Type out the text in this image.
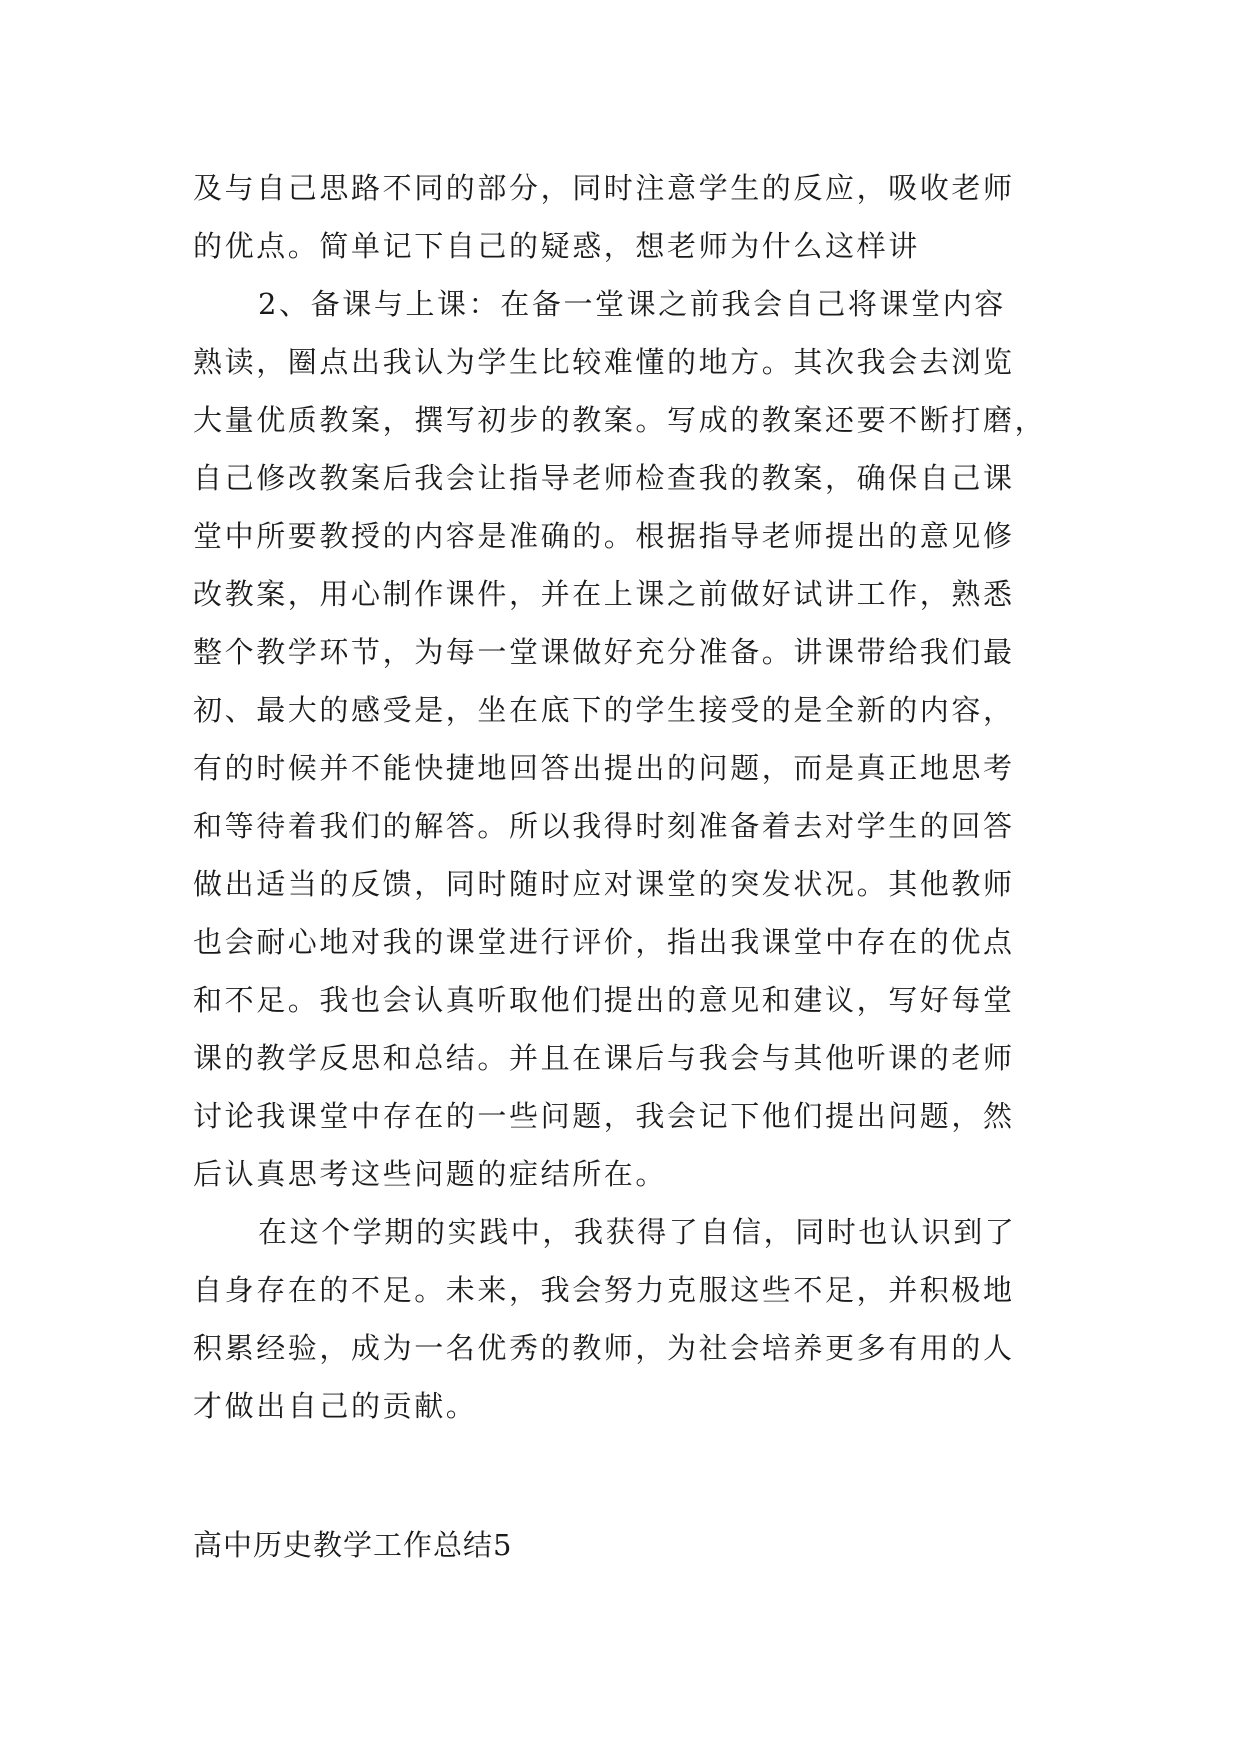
及与自己思路不同的部分，同时注意学生的反应，吸收老师
的优点。简单记下自己的疑惑，想老师为什么这样讲
2、备课与上课：在备一堂课之前我会自己将课堂内容
熟读，圈点出我认为学生比较难懂的地方。其次我会去浏览
大量优质教案，撰写初步的教案。写成的教案还要不断打磨，
自己修改教案后我会让指导老师检查我的教案，确保自己课
堂中所要教授的内容是准确的。根据指导老师提出的意见修
改教案，用心制作课件，并在上课之前做好试讲工作，熟悉
整个教学环节，为每一堂课做好充分准备。讲课带给我们最
初、最大的感受是，坐在底下的学生接受的是全新的内容，
有的时候并不能快捷地回答出提出的问题，而是真正地思考
和等待着我们的解答。所以我得时刻准备着去对学生的回答
做出适当的反馈，同时随时应对课堂的突发状况。其他教师
也会耐心地对我的课堂进行评价，指出我课堂中存在的优点
和不足。我也会认真听取他们提出的意见和建议，写好每堂
课的教学反思和总结。并且在课后与我会与其他听课的老师
讨论我课堂中存在的一些问题，我会记下他们提出问题，然
后认真思考这些问题的症结所在。
在这个学期的实践中，我获得了自信，同时也认识到了
自身存在的不足。未来，我会努力克服这些不足，并积极地
积累经验，成为一名优秀的教师，为社会培养更多有用的人
才做出自己的贡献。
高中历史教学工作总结5
